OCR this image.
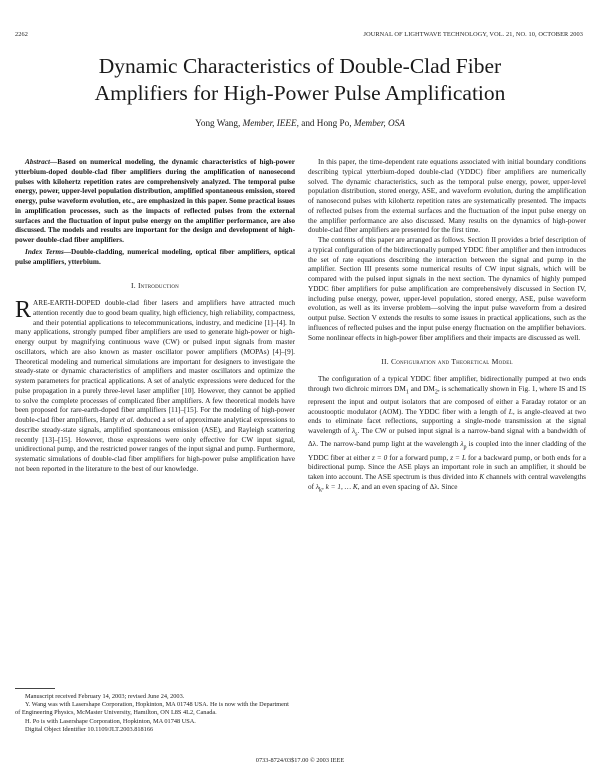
2262	JOURNAL OF LIGHTWAVE TECHNOLOGY, VOL. 21, NO. 10, OCTOBER 2003
Dynamic Characteristics of Double-Clad Fiber
Amplifiers for High-Power Pulse Amplification
Yong Wang, Member, IEEE, and Hong Po, Member, OSA

Abstract—Based on numerical modeling, the dynamic characteristics of high-power ytterbium-doped double-clad fiber amplifiers during the amplification of nanosecond pulses with kilohertz repetition rates are comprehensively analyzed. The temporal pulse energy, power, upper-level population distribution, amplified spontaneous emission, stored energy, pulse waveform evolution, etc., are emphasized in this paper. Some practical issues in amplification processes, such as the impacts of reflected pulses from the external surfaces and the fluctuation of input pulse energy on the amplifier performance, are also discussed. The models and results are important for the design and development of high-power double-clad fiber amplifiers.

Index Terms—Double-cladding, numerical modeling, optical fiber amplifiers, optical pulse amplifiers, ytterbium.

I. Introduction

RARE-EARTH-DOPED double-clad fiber lasers and amplifiers have attracted much attention recently due to good beam quality, high efficiency, high reliability, compactness, and their potential applications to telecommunications, industry, and medicine [1]–[4]. In many applications, strongly pumped fiber amplifiers are used to generate high-power or high-energy output by magnifying continuous wave (CW) or pulsed input signals from master oscillators, which are also known as master oscillator power amplifiers (MOPAs) [4]–[9]. Theoretical modeling and numerical simulations are important for designers to investigate the steady-state or dynamic characteristics of amplifiers and master oscillators and optimize the system parameters for practical applications. A set of analytic expressions were deduced for the pulse propagation in a purely three-level laser amplifier [10]. However, they cannot be applied to solve the complete processes of complicated fiber amplifiers. A few theoretical models have been proposed for rare-earth-doped fiber amplifiers [11]–[15]. For the modeling of high-power double-clad fiber amplifiers, Hardy et al. deduced a set of approximate analytical expressions to describe steady-state signals, amplified spontaneous emission (ASE), and Rayleigh scattering recently [13]–[15]. However, those expressions were only effective for CW input signal, unidirectional pump, and the restricted power ranges of the input signal and pump. Furthermore, systematic simulations of double-clad fiber amplifiers for high-power pulse amplification have not been reported in the literature to the best of our knowledge.

Manuscript received February 14, 2003; revised June 24, 2003.

Y. Wang was with Lasershape Corporation, Hopkinton, MA 01748 USA. He is now with the Department of Engineering Physics, McMaster University, Hamilton, ON L8S 4L2, Canada.

H. Po is with Lasershape Corporation, Hopkinton, MA 01748 USA.

Digital Object Identifier 10.1109/JLT.2003.818166

In this paper, the time-dependent rate equations associated with initial boundary conditions describing typical ytterbium-doped double-clad (YDDC) fiber amplifiers are numerically solved. The dynamic characteristics, such as the temporal pulse energy, power, upper-level population distribution, stored energy, ASE, and waveform evolution, during the amplification of nanosecond pulses with kilohertz repetition rates are systematically presented. The impacts of reflected pulses from the external surfaces and the fluctuation of the input pulse energy on the amplifier performance are also discussed. Many results on the dynamics of high-power double-clad fiber amplifiers are presented for the first time.

The contents of this paper are arranged as follows. Section II provides a brief description of a typical configuration of the bidirectionally pumped YDDC fiber amplifier and then introduces the set of rate equations describing the interaction between the signal and pump in the amplifier. Section III presents some numerical results of CW input signals, which will be compared with the pulsed input signals in the next section. The dynamics of highly pumped YDDC fiber amplifiers for pulse amplification are comprehensively discussed in Section IV, including pulse energy, power, upper-level population, stored energy, ASE, pulse waveform evolution, as well as its inverse problem—solving the input pulse waveform from a desired output pulse. Section V extends the results to some issues in practical applications, such as the influences of reflected pulses and the input pulse energy fluctuation on the amplifier behaviors. Some nonlinear effects in high-power fiber amplifiers and their impacts are discussed as well.

II. Configuration and Theoretical Model

The configuration of a typical YDDC fiber amplifier, bidirectionally pumped at two ends through two dichroic mirrors $DM_1$ and $DM_2$, is schematically shown in Fig. 1, where IS and IS represent the input and output isolators that are composed of either a Faraday rotator or an acoustooptic modulator (AOM). The YDDC fiber with a length of L, is angle-cleaved at two ends to eliminate facet reflections, supporting a single-mode transmission at the signal wavelength of $\lambda_s$. The CW or pulsed input signal is a narrow-band signal with a bandwidth of Δλ. The narrow-band pump light at the wavelength $\lambda_p$ is coupled into the inner cladding of the YDDC fiber at either z = 0 for a forward pump, z = L for a backward pump, or both ends for a bidirectional pump. Since the ASE plays an important role in such an amplifier, it should be taken into account. The ASE spectrum is thus divided into K channels with central wavelengths of $\lambda_k$, k = 1, … K, and an even spacing of Δλ. Since

0733-8724/03$17.00 © 2003 IEEE
